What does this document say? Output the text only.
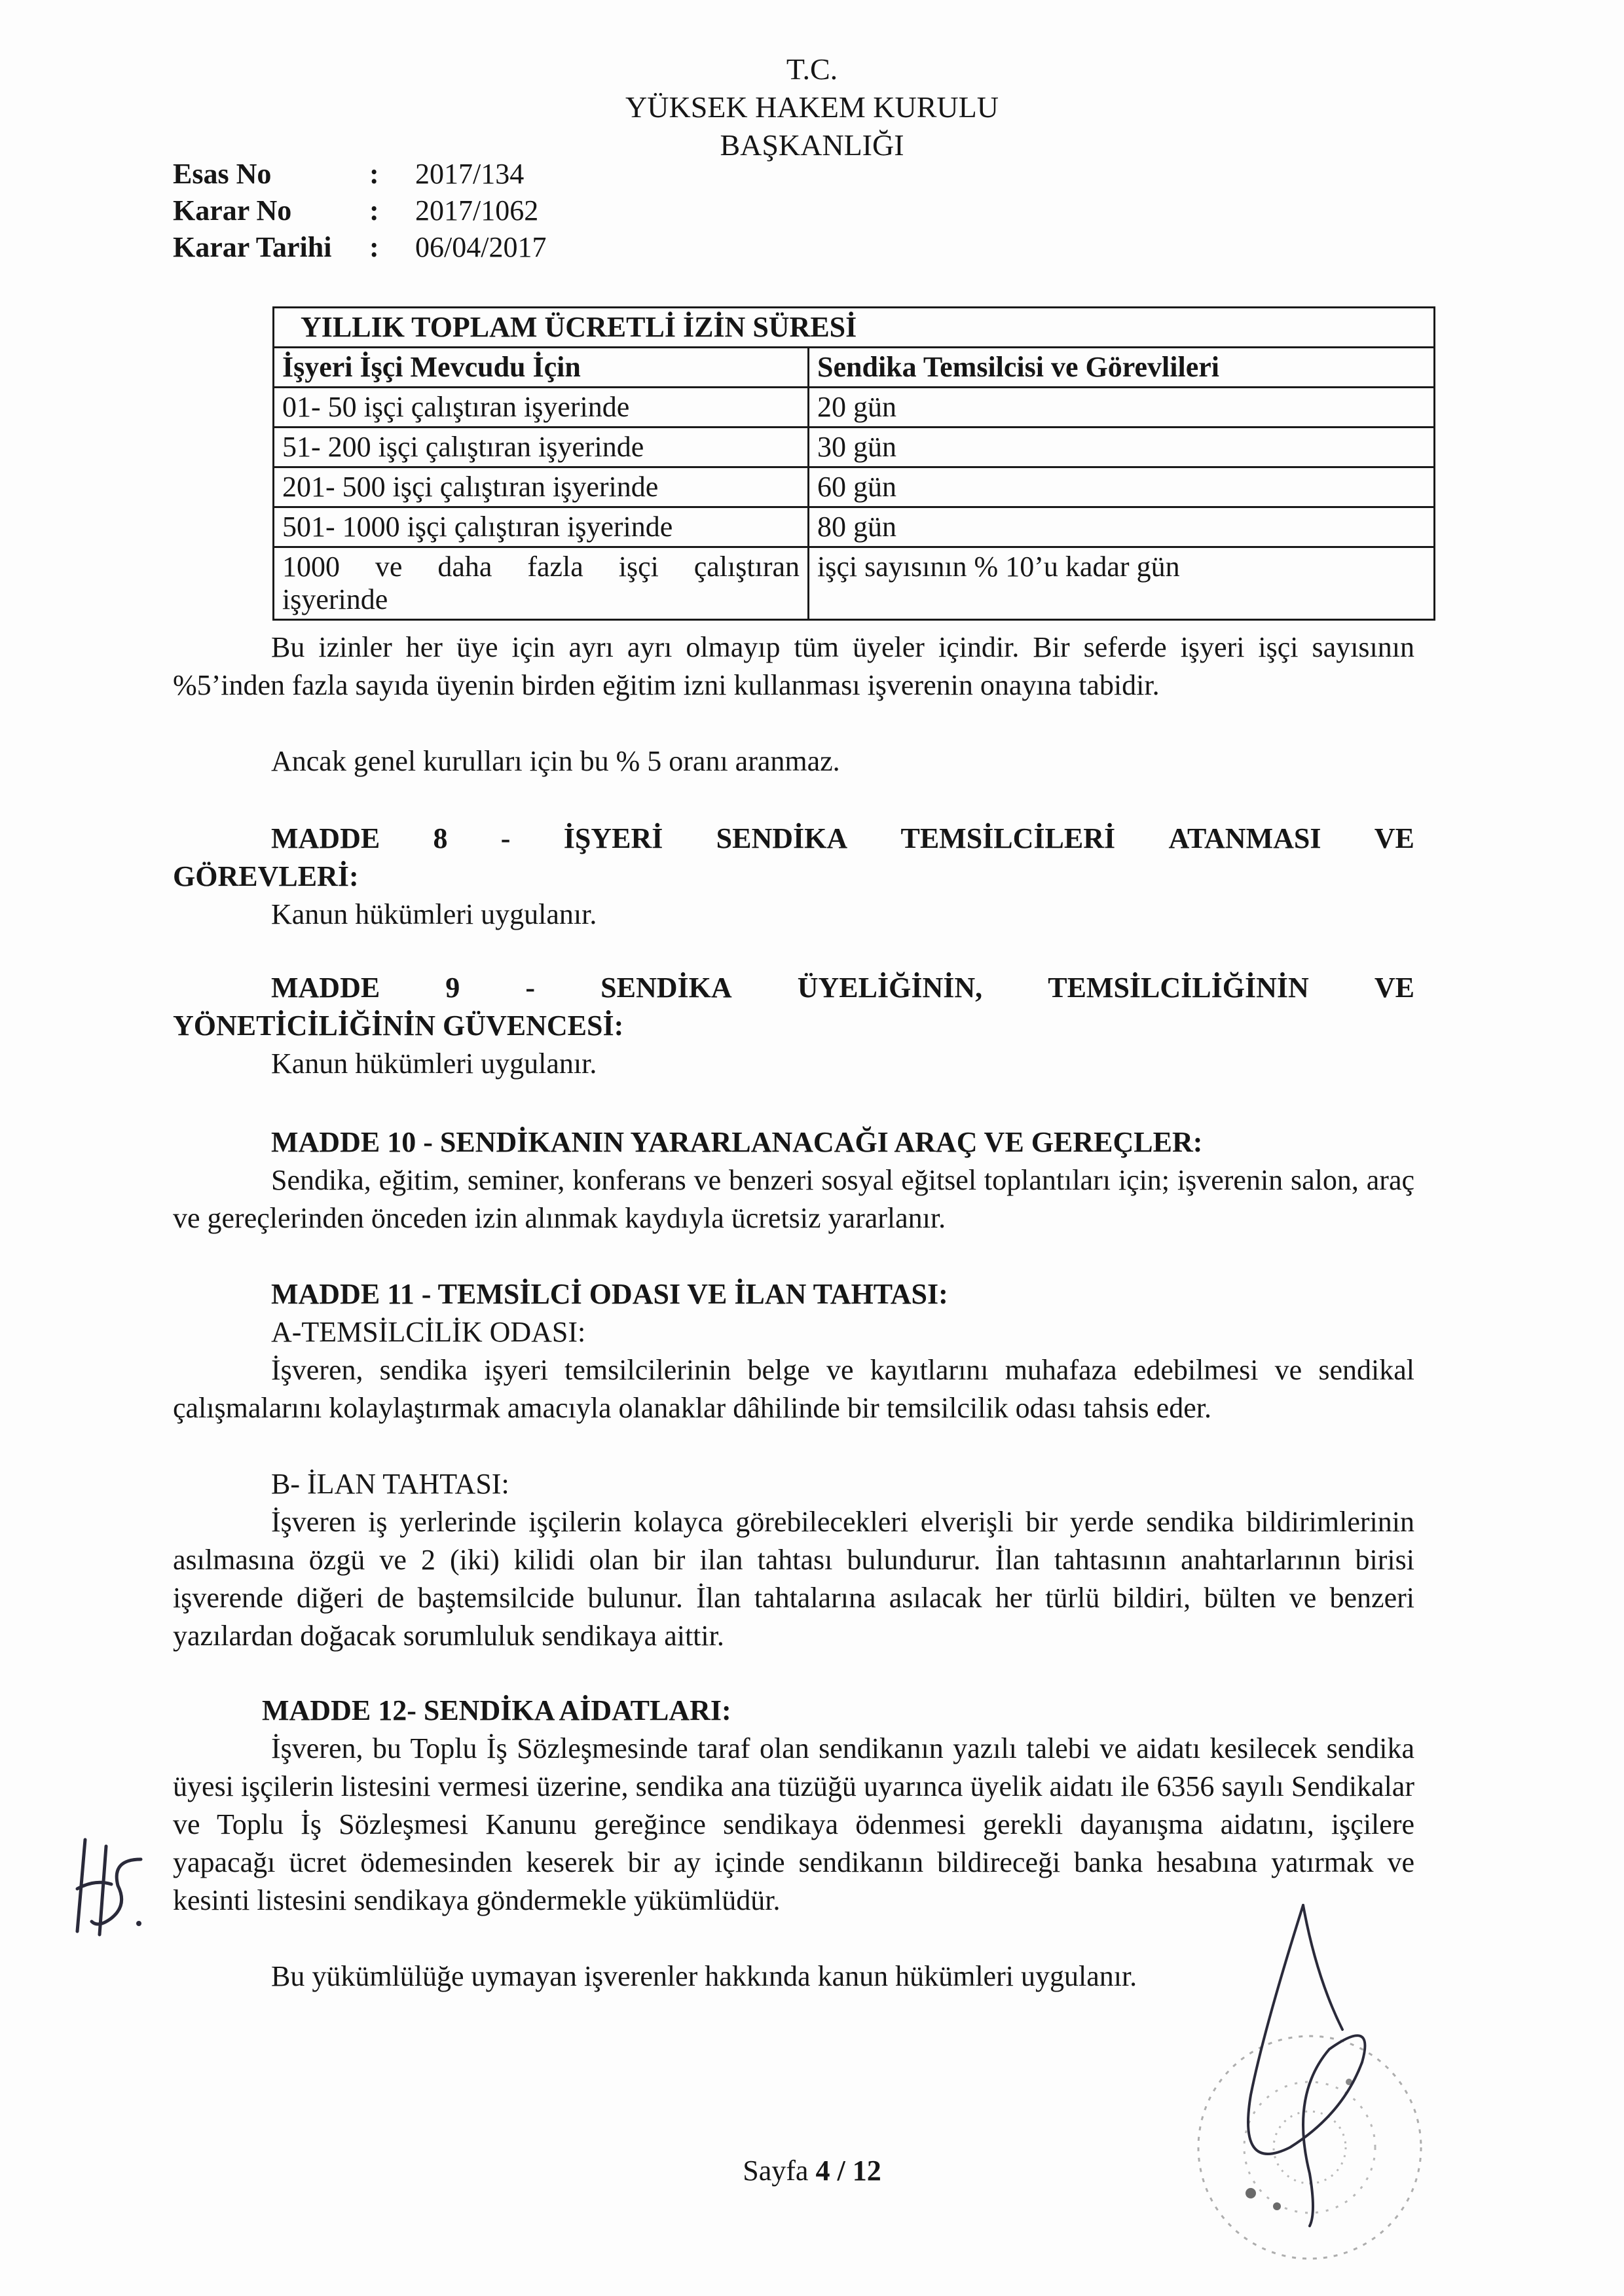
T.C.
YÜKSEK HAKEM KURULU
BAŞKANLIĞI
Esas No	:	2017/134
Karar No	:	2017/1062
Karar Tarihi	:	06/04/2017
YILLIK TOPLAM ÜCRETLİ İZİN SÜRESİ	
İşyeri İşçi Mevcudu İçin	Sendika Temsilcisi ve Görevlileri
01- 50 işçi çalıştıran işyerinde	20 gün
51- 200 işçi çalıştıran işyerinde	30 gün
201- 500 işçi çalıştıran işyerinde	60 gün
501- 1000 işçi çalıştıran işyerinde	80 gün

1000 ve daha fazla işçi çalıştıran
işyerinde	işçi sayısının % 10’u kadar gün
Bu izinler her üye için ayrı ayrı olmayıp tüm üyeler içindir. Bir seferde işyeri işçi sayısının %5’inden fazla sayıda üyenin birden eğitim izni kullanması işverenin onayına tabidir.
Ancak genel kurulları için bu % 5 oranı aranmaz.
MADDE 8 - İŞYERİ SENDİKA TEMSİLCİLERİ ATANMASI VE
GÖREVLERİ:
Kanun hükümleri uygulanır.
MADDE 9 - SENDİKA ÜYELİĞİNİN, TEMSİLCİLİĞİNİN VE
YÖNETİCİLİĞİNİN GÜVENCESİ:
Kanun hükümleri uygulanır.
MADDE 10 - SENDİKANIN YARARLANACAĞI ARAÇ VE GEREÇLER:
Sendika, eğitim, seminer, konferans ve benzeri sosyal eğitsel toplantıları için; işverenin salon, araç ve gereçlerinden önceden izin alınmak kaydıyla ücretsiz yararlanır.
MADDE 11 - TEMSİLCİ ODASI VE İLAN TAHTASI:
A-TEMSİLCİLİK ODASI:
İşveren, sendika işyeri temsilcilerinin belge ve kayıtlarını muhafaza edebilmesi ve sendikal çalışmalarını kolaylaştırmak amacıyla olanaklar dâhilinde bir temsilcilik odası tahsis eder.
B- İLAN TAHTASI:
İşveren iş yerlerinde işçilerin kolayca görebilecekleri elverişli bir yerde sendika bildirimlerinin asılmasına özgü ve 2 (iki) kilidi olan bir ilan tahtası bulundurur. İlan tahtasının anahtarlarının birisi işverende diğeri de baştemsilcide bulunur. İlan tahtalarına asılacak her türlü bildiri, bülten ve benzeri yazılardan doğacak sorumluluk sendikaya aittir.
MADDE 12- SENDİKA AİDATLARI:
İşveren, bu Toplu İş Sözleşmesinde taraf olan sendikanın yazılı talebi ve aidatı kesilecek sendika üyesi işçilerin listesini vermesi üzerine, sendika ana tüzüğü uyarınca üyelik aidatı ile 6356 sayılı Sendikalar ve Toplu İş Sözleşmesi Kanunu gereğince sendikaya ödenmesi gerekli dayanışma aidatını, işçilere yapacağı ücret ödemesinden keserek bir ay içinde sendikanın bildireceği banka hesabına yatırmak ve kesinti listesini sendikaya göndermekle yükümlüdür.
Bu yükümlülüğe uymayan işverenler hakkında kanun hükümleri uygulanır.
Sayfa 4 / 12
